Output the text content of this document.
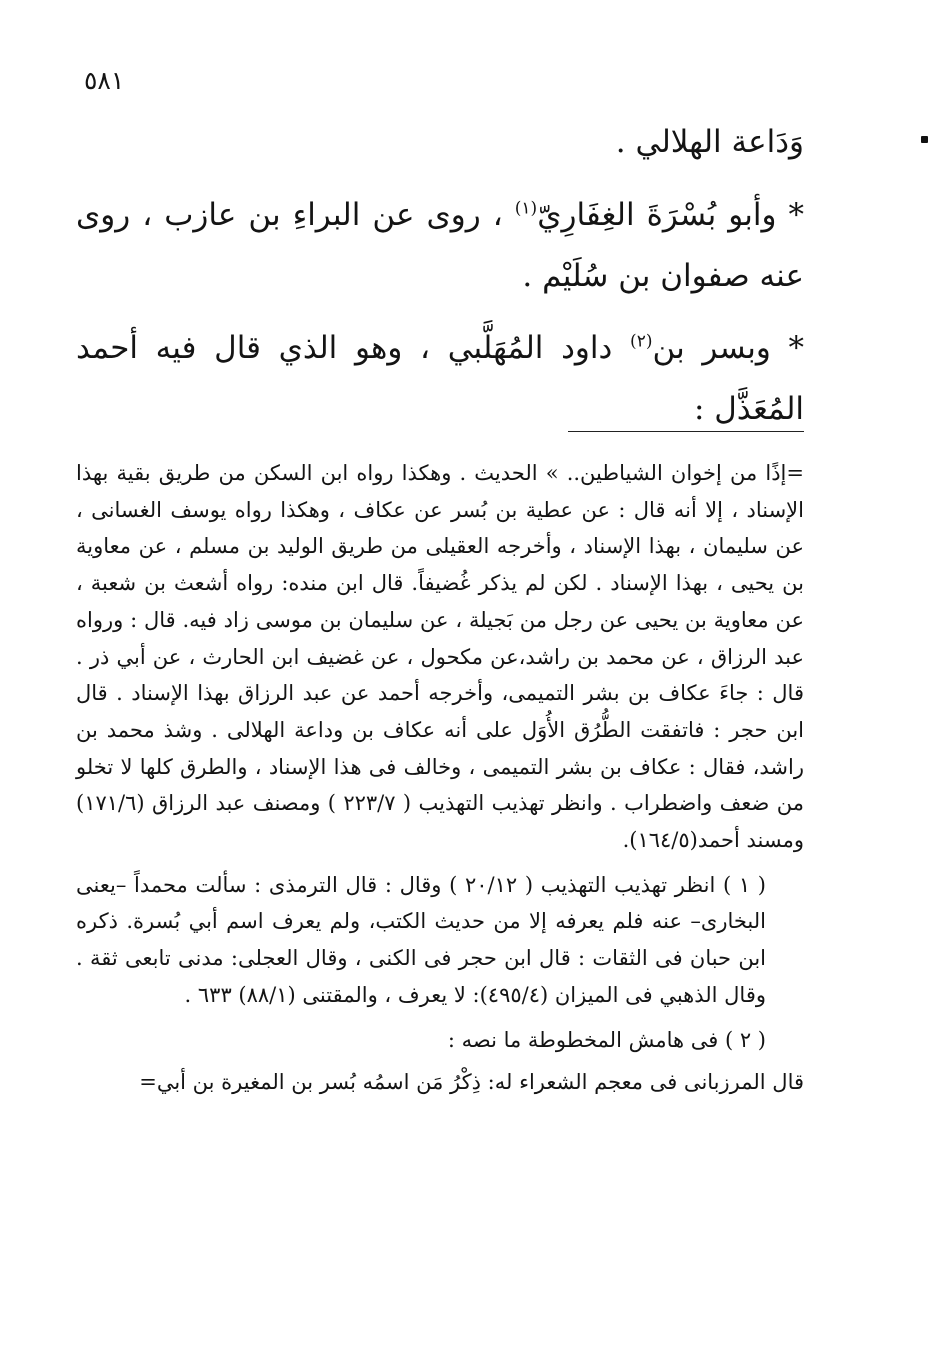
٥٨١

وَدَاعة الهلالي .

* وأبو بُسْرَةَ الغِفَارِيّ$^{(١)}$ ، روى عن البراءِ بن عازب ، روى عنه صفوان بن سُلَيْم .

* وبسر بن$^{(٢)}$ داود المُهَلَّبي ، وهو الذي قال فيه أحمد المُعَذَّل :

=إذًا من إخوان الشياطين.. » الحديث . وهكذا رواه ابن السكن من طريق بقية بهذا الإسناد ، إلا أنه قال : عن عطية بن بُسر عن عكاف ، وهكذا رواه يوسف الغسانى ، عن سليمان ، بهذا الإسناد ، وأخرجه العقيلى من طريق الوليد بن مسلم ، عن معاوية بن يحيى ، بهذا الإسناد . لكن لم يذكر غُضيفاً. قال ابن منده: رواه أشعث بن شعبة ، عن معاوية بن يحيى عن رجل من بَجيلة ، عن سليمان بن موسى زاد فيه. قال : ورواه عبد الرزاق ، عن محمد بن راشد،عن مكحول ، عن غضيف ابن الحارث ، عن أبي ذر . قال : جاءَ عكاف بن بشر التميمى، وأخرجه أحمد عن عبد الرزاق بهذا الإسناد . قال ابن حجر : فاتفقت الطُّرُق الأُوَل على أنه عكاف بن وداعة الهلالى . وشذ محمد بن راشد، فقال : عكاف بن بشر التميمى ، وخالف فى هذا الإسناد ، والطرق كلها لا تخلو من ضعف واضطراب . وانظر تهذيب التهذيب ( ٢٢٣/٧ ) ومصنف عبد الرزاق (١٧١/٦) ومسند أحمد(١٦٤/٥).

( ١ ) انظر تهذيب التهذيب ( ٢٠/١٢ ) وقال : قال الترمذى : سألت محمداً –يعنى البخارى– عنه فلم يعرفه إلا من حديث الكتب، ولم يعرف اسم أبي بُسرة. ذكره ابن حبان فى الثقات : قال ابن حجر فى الكنى ، وقال العجلى: مدنى تابعى ثقة . وقال الذهبي فى الميزان (٤٩٥/٤): لا يعرف ، والمقتنى (٨٨/١) ٦٣٣ .

( ٢ ) فى هامش المخطوطة ما نصه :

قال المرزبانى فى معجم الشعراء له: ذِكْرُ مَن اسمُه بُسر بن المغيرة بن أبي=
